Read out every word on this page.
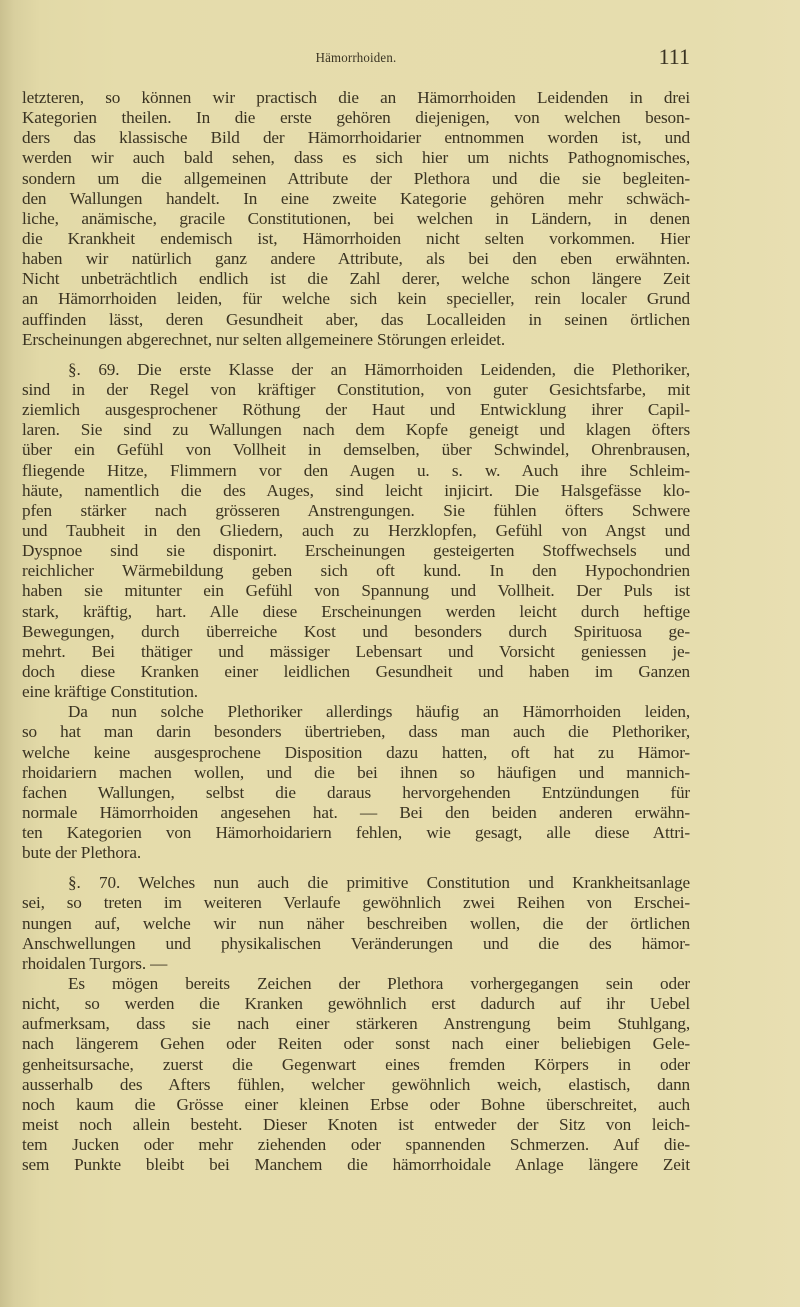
Hämorrhoiden.	111
letzteren, so können wir practisch die an Hämorrhoiden Leidenden in drei
Kategorien theilen. In die erste gehören diejenigen, von welchen beson-
ders das klassische Bild der Hämorrhoidarier entnommen worden ist, und
werden wir auch bald sehen, dass es sich hier um nichts Pathognomisches,
sondern um die allgemeinen Attribute der Plethora und die sie begleiten-
den Wallungen handelt. In eine zweite Kategorie gehören mehr schwäch-
liche, anämische, gracile Constitutionen, bei welchen in Ländern, in denen
die Krankheit endemisch ist, Hämorrhoiden nicht selten vorkommen. Hier
haben wir natürlich ganz andere Attribute, als bei den eben erwähnten.
Nicht unbeträchtlich endlich ist die Zahl derer, welche schon längere Zeit
an Hämorrhoiden leiden, für welche sich kein specieller, rein localer Grund
auffinden lässt, deren Gesundheit aber, das Localleiden in seinen örtlichen
Erscheinungen abgerechnet, nur selten allgemeinere Störungen erleidet.
§. 69. Die erste Klasse der an Hämorrhoiden Leidenden, die Plethoriker,
sind in der Regel von kräftiger Constitution, von guter Gesichtsfarbe, mit
ziemlich ausgesprochener Röthung der Haut und Entwicklung ihrer Capil-
laren. Sie sind zu Wallungen nach dem Kopfe geneigt und klagen öfters
über ein Gefühl von Vollheit in demselben, über Schwindel, Ohrenbrausen,
fliegende Hitze, Flimmern vor den Augen u. s. w. Auch ihre Schleim-
häute, namentlich die des Auges, sind leicht injicirt. Die Halsgefässe klo-
pfen stärker nach grösseren Anstrengungen. Sie fühlen öfters Schwere
und Taubheit in den Gliedern, auch zu Herzklopfen, Gefühl von Angst und
Dyspnoe sind sie disponirt. Erscheinungen gesteigerten Stoffwechsels und
reichlicher Wärmebildung geben sich oft kund. In den Hypochondrien
haben sie mitunter ein Gefühl von Spannung und Vollheit. Der Puls ist
stark, kräftig, hart. Alle diese Erscheinungen werden leicht durch heftige
Bewegungen, durch überreiche Kost und besonders durch Spirituosa ge-
mehrt. Bei thätiger und mässiger Lebensart und Vorsicht geniessen je-
doch diese Kranken einer leidlichen Gesundheit und haben im Ganzen
eine kräftige Constitution.
Da nun solche Plethoriker allerdings häufig an Hämorrhoiden leiden,
so hat man darin besonders übertrieben, dass man auch die Plethoriker,
welche keine ausgesprochene Disposition dazu hatten, oft hat zu Hämor-
rhoidariern machen wollen, und die bei ihnen so häufigen und mannich-
fachen Wallungen, selbst die daraus hervorgehenden Entzündungen für
normale Hämorrhoiden angesehen hat. — Bei den beiden anderen erwähn-
ten Kategorien von Hämorhoidariern fehlen, wie gesagt, alle diese Attri-
bute der Plethora.
§. 70. Welches nun auch die primitive Constitution und Krankheitsanlage
sei, so treten im weiteren Verlaufe gewöhnlich zwei Reihen von Erschei-
nungen auf, welche wir nun näher beschreiben wollen, die der örtlichen
Anschwellungen und physikalischen Veränderungen und die des hämor-
rhoidalen Turgors. —
Es mögen bereits Zeichen der Plethora vorhergegangen sein oder
nicht, so werden die Kranken gewöhnlich erst dadurch auf ihr Uebel
aufmerksam, dass sie nach einer stärkeren Anstrengung beim Stuhlgang,
nach längerem Gehen oder Reiten oder sonst nach einer beliebigen Gele-
genheitsursache, zuerst die Gegenwart eines fremden Körpers in oder
ausserhalb des Afters fühlen, welcher gewöhnlich weich, elastisch, dann
noch kaum die Grösse einer kleinen Erbse oder Bohne überschreitet, auch
meist noch allein besteht. Dieser Knoten ist entweder der Sitz von leich-
tem Jucken oder mehr ziehenden oder spannenden Schmerzen. Auf die-
sem Punkte bleibt bei Manchem die hämorrhoidale Anlage längere Zeit
